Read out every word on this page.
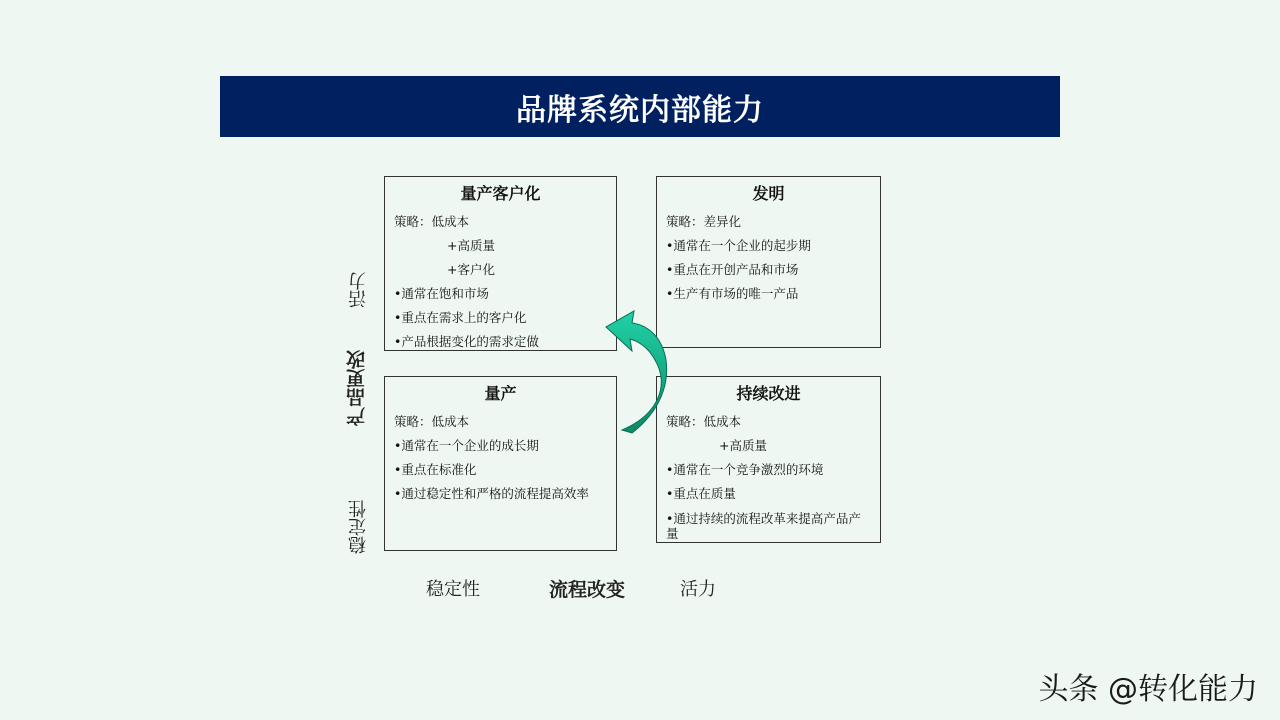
品牌系统内部能力
量产客户化
策略：低成本
+高质量
+客户化
•通常在饱和市场
•重点在需求上的客户化
•产品根据变化的需求定做
发明
策略：差异化
•通常在一个企业的起步期
•重点在开创产品和市场
•生产有市场的唯一产品
量产
策略：低成本
•通常在一个企业的成长期
•重点在标准化
•通过稳定性和严格的流程提高效率
持续改进
策略：低成本
+高质量
•通常在一个竞争激烈的环境
•重点在质量
•通过持续的流程改革来提高产品产量
活力
产品更改
稳定性
稳定性	流程改变	活力
头条 @转化能力
